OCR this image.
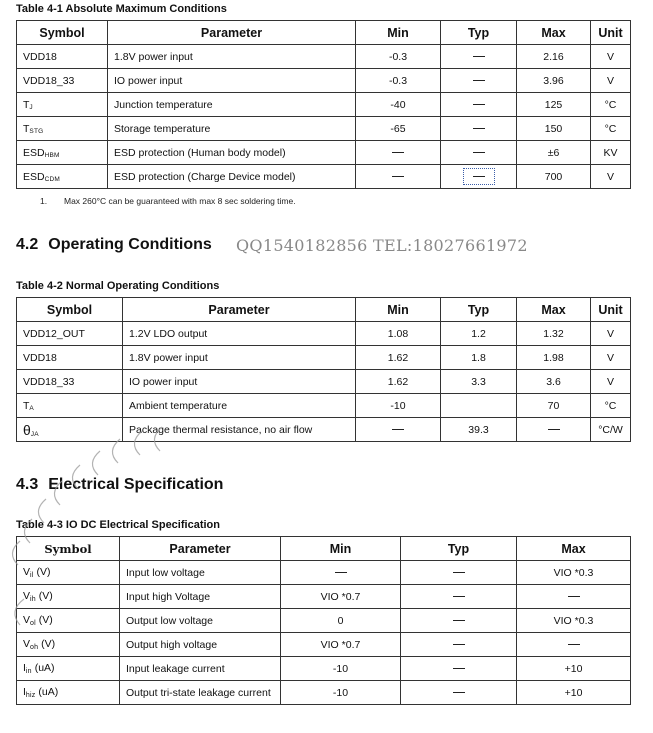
Table 4-1 Absolute Maximum Conditions
Symbol	Parameter	Min	Typ	Max	Unit
VDD18	1.8V power input	-0.3		2.16	V
VDD18_33	IO power input	-0.3		3.96	V
$T_J$	Junction temperature	-40		125	°C
$T_{STG}$	Storage temperature	-65		150	°C
$ESD_{HBM}$	ESD protection (Human body model)			±6	KV
$ESD_{CDM}$	ESD protection (Charge Device model)			700	V
1. Max 260°C can be guaranteed with max 8 sec soldering time.
4.2 Operating Conditions QQ1540182856 TEL:18027661972
Table 4-2 Normal Operating Conditions
Symbol	Parameter	Min	Typ	Max	Unit
VDD12_OUT	1.2V LDO output	1.08	1.2	1.32	V
VDD18	1.8V power input	1.62	1.8	1.98	V
VDD18_33	IO power input	1.62	3.3	3.6	V
$T_A$	Ambient temperature	-10		70	°C
$\theta_{JA}$	Package thermal resistance, no air flow		39.3		°C/W
4.3 Electrical Specification
Table 4-3 IO DC Electrical Specification
Symbol	Parameter	Min	Typ	Max
$V_{il}$ (V)	Input low voltage			VIO *0.3
$V_{ih}$ (V)	Input high Voltage	VIO *0.7		
$V_{ol}$ (V)	Output low voltage	0		VIO *0.3
$V_{oh}$ (V)	Output high voltage	VIO *0.7		
$I_{in}$ (uA)	Input leakage current	-10		+10
$I_{hiz}$ (uA)	Output tri-state leakage current	-10		+10
